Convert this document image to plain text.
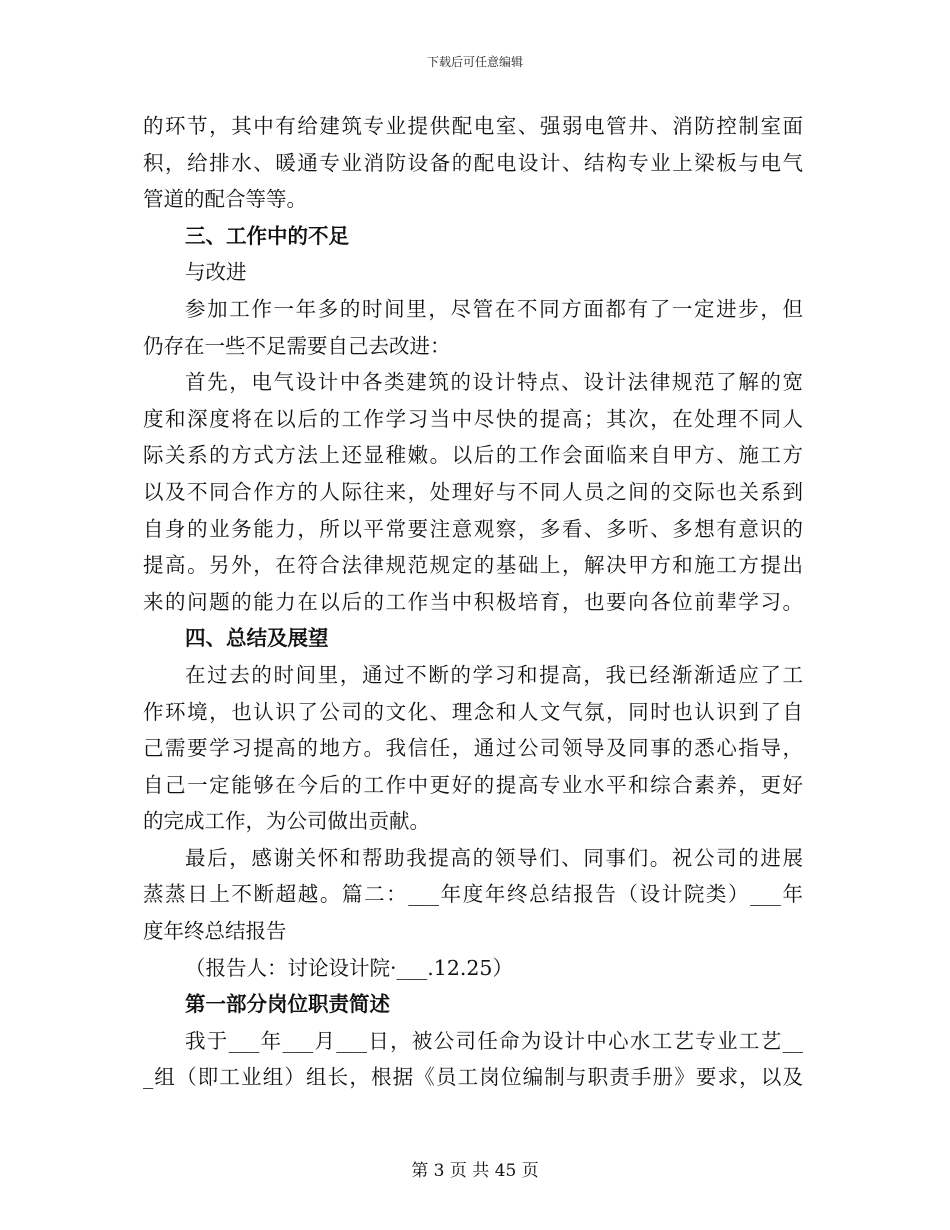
下载后可任意编辑
的环节，其中有给建筑专业提供配电室、强弱电管井、消防控制室面
积，给排水、暖通专业消防设备的配电设计、结构专业上梁板与电气
管道的配合等等。
三、工作中的不足
与改进
参加工作一年多的时间里，尽管在不同方面都有了一定进步，但
仍存在一些不足需要自己去改进：
首先，电气设计中各类建筑的设计特点、设计法律规范了解的宽
度和深度将在以后的工作学习当中尽快的提高；其次，在处理不同人
际关系的方式方法上还显稚嫩。以后的工作会面临来自甲方、施工方
以及不同合作方的人际往来，处理好与不同人员之间的交际也关系到
自身的业务能力，所以平常要注意观察，多看、多听、多想有意识的
提高。另外，在符合法律规范规定的基础上，解决甲方和施工方提出
来的问题的能力在以后的工作当中积极培育，也要向各位前辈学习。
四、总结及展望
在过去的时间里，通过不断的学习和提高，我已经渐渐适应了工
作环境，也认识了公司的文化、理念和人文气氛，同时也认识到了自
己需要学习提高的地方。我信任，通过公司领导及同事的悉心指导，
自己一定能够在今后的工作中更好的提高专业水平和综合素养，更好
的完成工作，为公司做出贡献。
最后，感谢关怀和帮助我提高的领导们、同事们。祝公司的进展
蒸蒸日上不断超越。篇二：___年度年终总结报告（设计院类）___年
度年终总结报告
（报告人：讨论设计院·___.12.25）
第一部分岗位职责简述
我于___年___月___日，被公司任命为设计中心水工艺专业工艺__
_组（即工业组）组长，根据《员工岗位编制与职责手册》要求，以及
第 3 页 共 45 页
